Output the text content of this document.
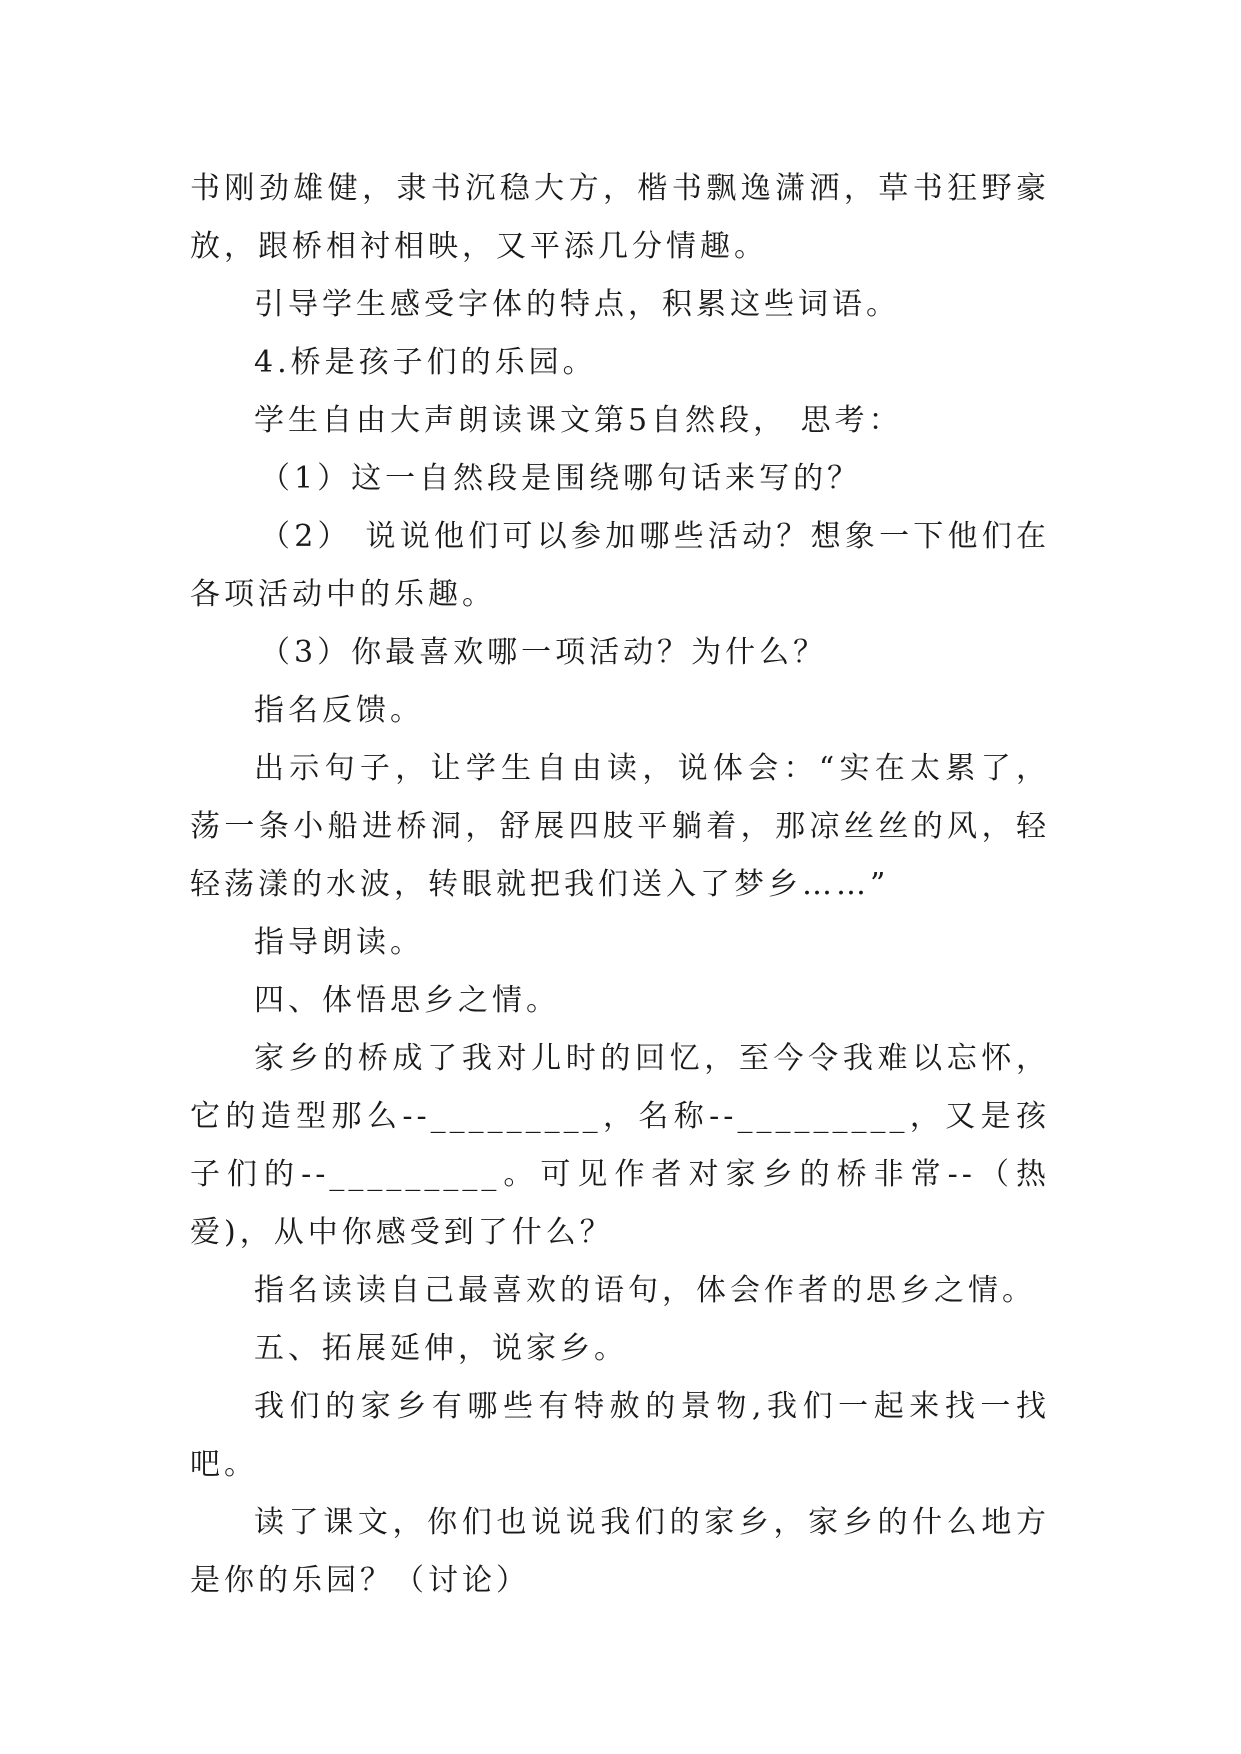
书刚劲雄健，隶书沉稳大方，楷书飘逸潇洒，草书狂野豪放，跟桥相衬相映，又平添几分情趣。

引导学生感受字体的特点，积累这些词语。

4.桥是孩子们的乐园。

学生自由大声朗读课文第5自然段， 思考：

（1）这一自然段是围绕哪句话来写的？

（2） 说说他们可以参加哪些活动？想象一下他们在各项活动中的乐趣。

（3）你最喜欢哪一项活动？为什么？

指名反馈。

出示句子，让学生自由读，说体会：“实在太累了，荡一条小船进桥洞，舒展四肢平躺着，那凉丝丝的风，轻轻荡漾的水波，转眼就把我们送入了梦乡……”

指导朗读。

四、体悟思乡之情。

家乡的桥成了我对儿时的回忆，至今令我难以忘怀，它的造型那么--_________，名称--_________，又是孩子们的--_________。可见作者对家乡的桥非常--（热爱)，从中你感受到了什么？

指名读读自己最喜欢的语句，体会作者的思乡之情。

五、拓展延伸，说家乡。

我们的家乡有哪些有特赦的景物,我们一起来找一找吧。

读了课文，你们也说说我们的家乡，家乡的什么地方是你的乐园？（讨论）
